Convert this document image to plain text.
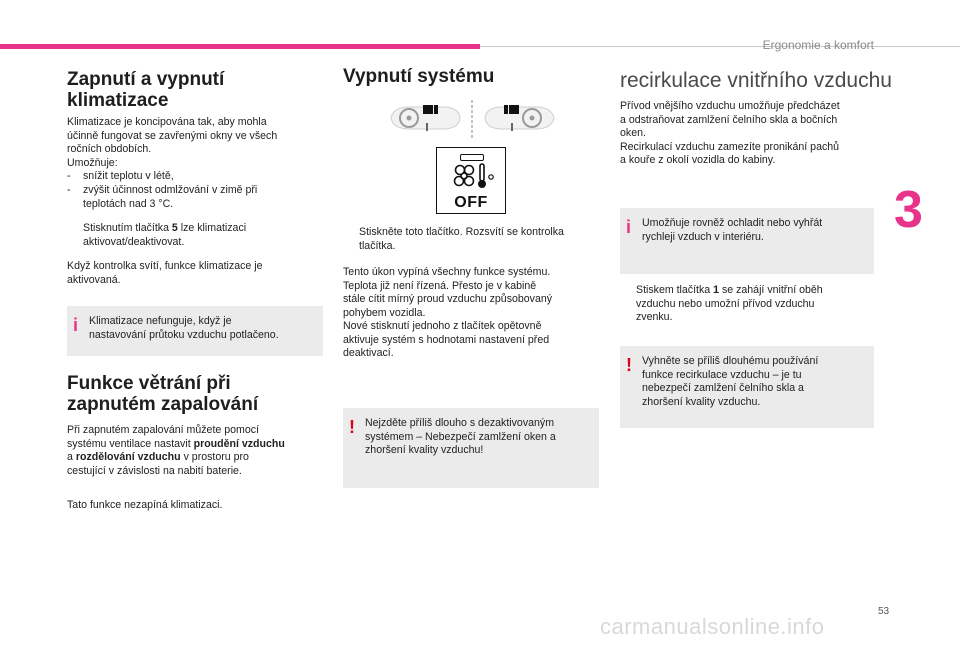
Ergonomie a komfort
3
Zapnutí a vypnutí
klimatizace

Klimatizace je koncipována tak, aby mohla
účinně fungovat se zavřenými okny ve všech
ročních obdobích.
Umožňuje:

-	snížit teplotu v létě,
-	zvýšit účinnost odmlžování v zimě při
teplotách nad 3 °C.
Stisknutím tlačítka 5 lze klimatizaci
aktivovat/deaktivovat.

Když kontrolka svítí, funkce klimatizace je
aktivovaná.

i Klimatizace nefunguje, když je
nastavování průtoku vzduchu potlačeno.
Funkce větrání při
zapnutém zapalování

Při zapnutém zapalování můžete pomocí
systému ventilace nastavit proudění vzduchu
a rozdělování vzduchu v prostoru pro
cestující v závislosti na nabití baterie.

Tato funkce nezapíná klimatizaci.

Vypnutí systému

Stiskněte toto tlačítko. Rozsvítí se kontrolka
tlačítka.

Tento úkon vypíná všechny funkce systému.
Teplota již není řízená. Přesto je v kabině
stále cítit mírný proud vzduchu způsobovaný
pohybem vozidla.
Nové stisknutí jednoho z tlačítek opětovně
aktivuje systém s hodnotami nastavení před
deaktivací.

! Nejzděte příliš dlouho s dezaktivovaným
systémem – Nebezpečí zamlžení oken a
zhoršení kvality vzduchu!
OFF
recirkulace vnitřního vzduchu

Přívod vnějšího vzduchu umožňuje předcházet
a odstraňovat zamlžení čelního skla a bočních
oken.
Recirkulací vzduchu zamezíte pronikání pachů
a kouře z okolí vozidla do kabiny.

i Umožňuje rovněž ochladit nebo vyhřát
rychleji vzduch v interiéru.
Stiskem tlačítka 1 se zahájí vnitřní oběh
vzduchu nebo umožní přívod vzduchu
zvenku.
! Vyhněte se příliš dlouhému používání
funkce recirkulace vzduchu – je tu
nebezpečí zamlžení čelního skla a
zhoršení kvality vzduchu.
53
carmanualsonline.info
